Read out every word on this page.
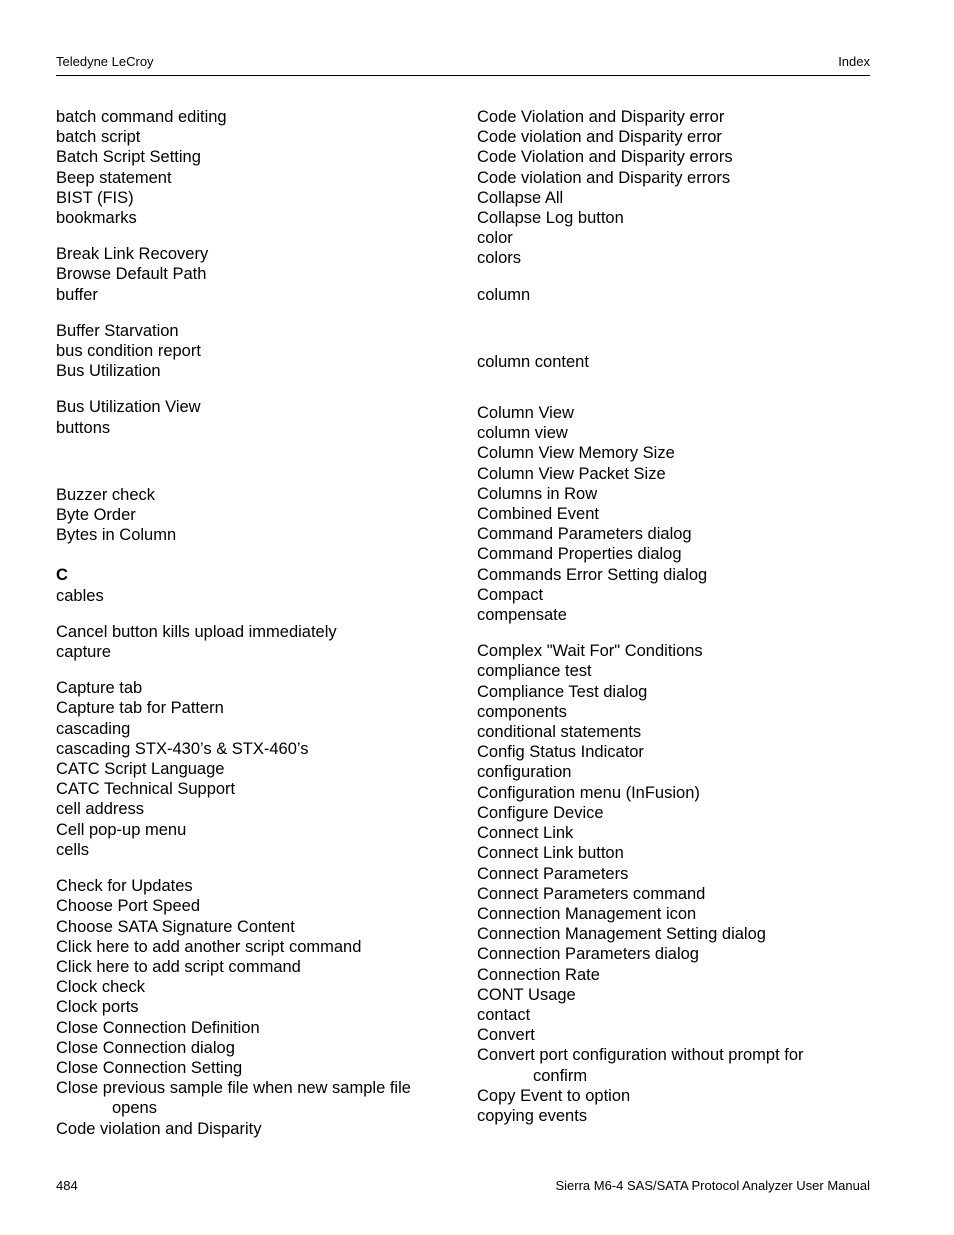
Teledyne LeCroy	Index
batch command editing
batch script
Batch Script Setting
Beep statement
BIST (FIS)
bookmarks
Break Link Recovery
Browse Default Path
buffer
Buffer Starvation
bus condition report
Bus Utilization
Bus Utilization View
buttons
Buzzer check
Byte Order
Bytes in Column
C
cables
Cancel button kills upload immediately
capture
Capture tab
Capture tab for Pattern
cascading
cascading STX-430’s & STX-460’s
CATC Script Language
CATC Technical Support
cell address
Cell pop-up menu
cells
Check for Updates
Choose Port Speed
Choose SATA Signature Content
Click here to add another script command
Click here to add script command
Clock check
Clock ports
Close Connection Definition
Close Connection dialog
Close Connection Setting
Close previous sample file when new sample file
opens
Code violation and Disparity
Code Violation and Disparity error
Code violation and Disparity error
Code Violation and Disparity errors
Code violation and Disparity errors
Collapse All
Collapse Log button
color
colors
column
column content
Column View
column view
Column View Memory Size
Column View Packet Size
Columns in Row
Combined Event
Command Parameters dialog
Command Properties dialog
Commands Error Setting dialog
Compact
compensate
Complex "Wait For" Conditions
compliance test
Compliance Test dialog
components
conditional statements
Config Status Indicator
configuration
Configuration menu (InFusion)
Configure Device
Connect Link
Connect Link button
Connect Parameters
Connect Parameters command
Connection Management icon
Connection Management Setting dialog
Connection Parameters dialog
Connection Rate
CONT Usage
contact
Convert
Convert port configuration without prompt for
confirm
Copy Event to option
copying events
484	Sierra M6-4 SAS/SATA Protocol Analyzer User Manual
